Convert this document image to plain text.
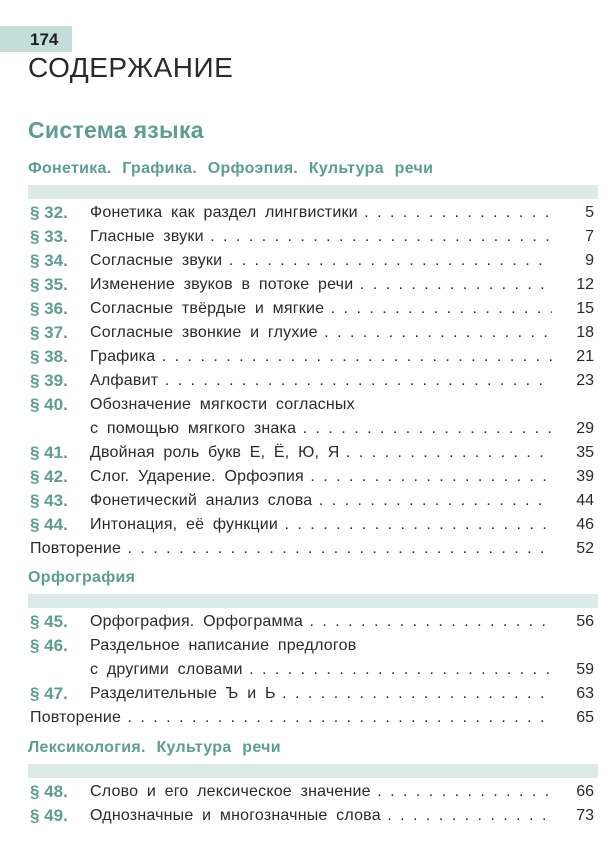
174
СОДЕРЖАНИЕ
Система языка
Фонетика. Графика. Орфоэпия. Культура речи
§ 32. Фонетика как раздел лингвистики . . .	5
§ 33. Гласные звуки . . .	7
§ 34. Согласные звуки . . .	9
§ 35. Изменение звуков в потоке речи . . .	12
§ 36. Согласные твёрдые и мягкие . . .	15
§ 37. Согласные звонкие и глухие . . .	18
§ 38. Графика . . .	21
§ 39. Алфавит . . .	23
§ 40. Обозначение мягкости согласных
с помощью мягкого знака . . .	29
§ 41. Двойная роль букв Е, Ё, Ю, Я . . .	35
§ 42. Слог. Ударение. Орфоэпия . . .	39
§ 43. Фонетический анализ слова . . .	44
§ 44. Интонация, её функции . . .	46
Повторение . . .	52
Орфография
§ 45. Орфография. Орфограмма . . .	56
§ 46. Раздельное написание предлогов
с другими словами . . .	59
§ 47. Разделительные Ъ и Ь . . .	63
Повторение . . .	65
Лексикология. Культура речи
§ 48. Слово и его лексическое значение . . .	66
§ 49. Однозначные и многозначные слова . . .	73
